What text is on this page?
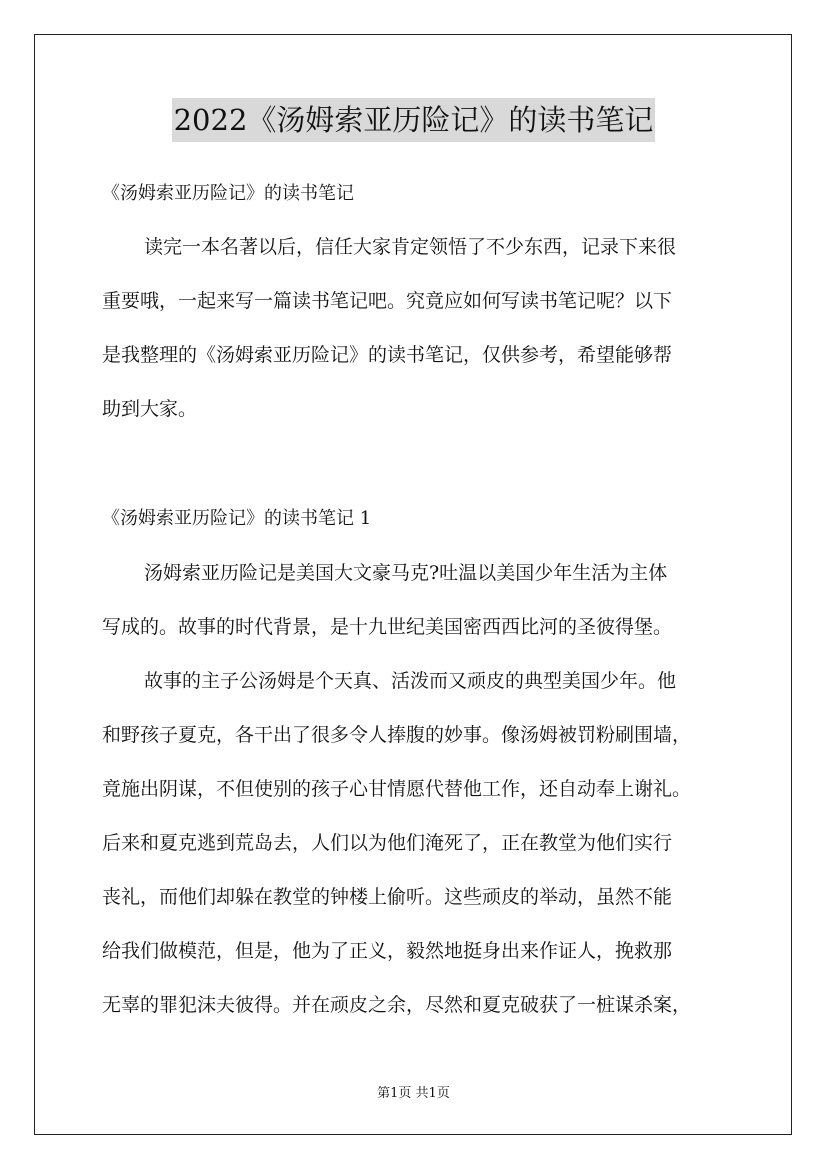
2022《汤姆索亚历险记》的读书笔记

《汤姆索亚历险记》的读书笔记

读完一本名著以后，信任大家肯定领悟了不少东西，记录下来很
重要哦，一起来写一篇读书笔记吧。究竟应如何写读书笔记呢？以下
是我整理的《汤姆索亚历险记》的读书笔记，仅供参考，希望能够帮
助到大家。

《汤姆索亚历险记》的读书笔记 1

汤姆索亚历险记是美国大文豪马克?吐温以美国少年生活为主体
写成的。故事的时代背景，是十九世纪美国密西西比河的圣彼得堡。
故事的主子公汤姆是个天真、活泼而又顽皮的典型美国少年。他
和野孩子夏克，各干出了很多令人捧腹的妙事。像汤姆被罚粉刷围墙，
竟施出阴谋，不但使别的孩子心甘情愿代替他工作，还自动奉上谢礼。
后来和夏克逃到荒岛去，人们以为他们淹死了，正在教堂为他们实行
丧礼，而他们却躲在教堂的钟楼上偷听。这些顽皮的举动，虽然不能
给我们做模范，但是，他为了正义，毅然地挺身出来作证人，挽救那
无辜的罪犯沫夫彼得。并在顽皮之余，尽然和夏克破获了一桩谋杀案，
第1页 共1页
